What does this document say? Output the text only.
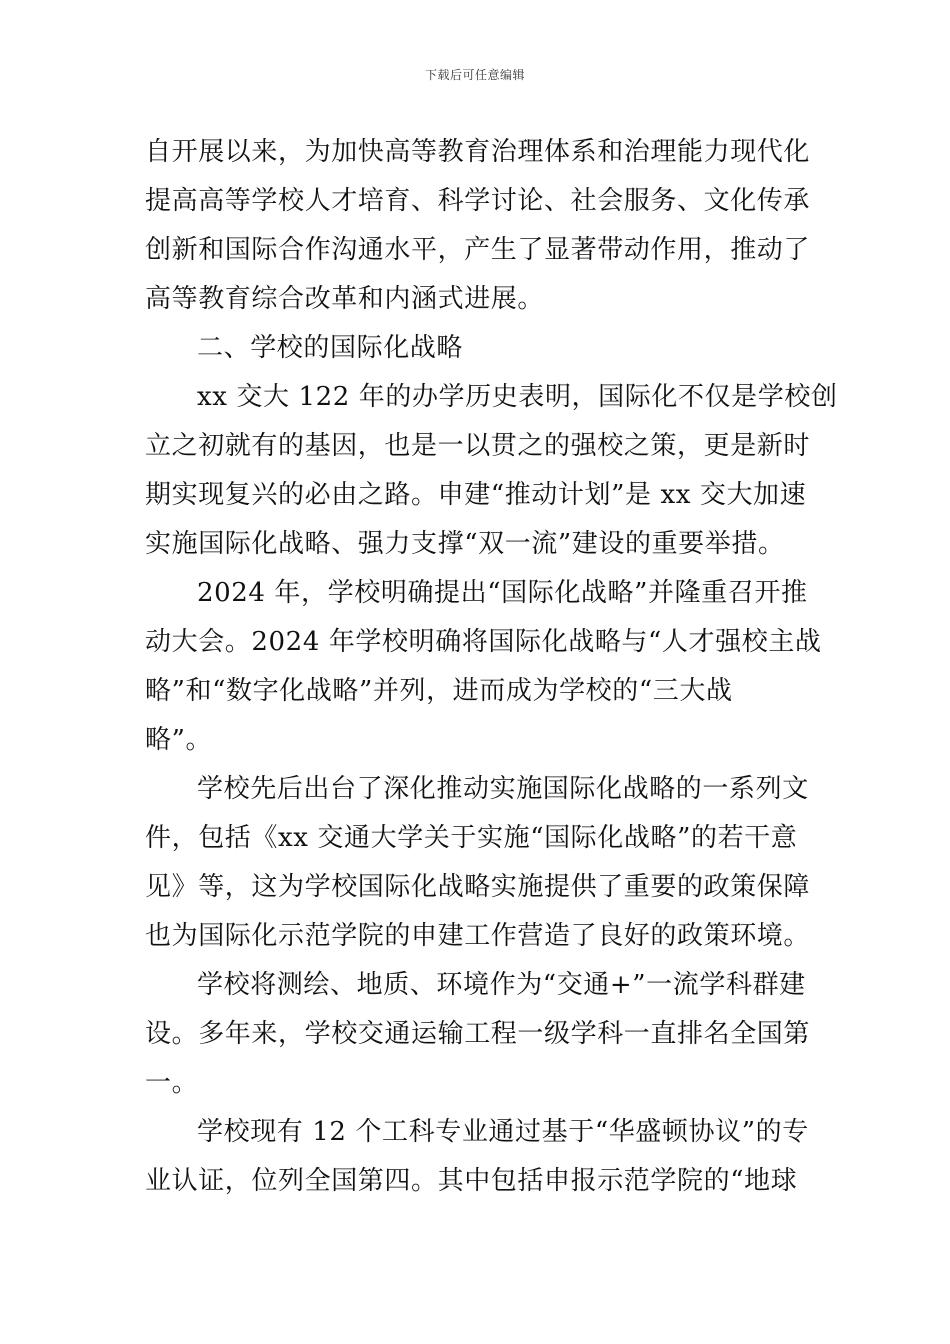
下载后可任意编辑
自开展以来，为加快高等教育治理体系和治理能力现代化
提高高等学校人才培育、科学讨论、社会服务、文化传承
创新和国际合作沟通水平，产生了显著带动作用，推动了
高等教育综合改革和内涵式进展。
二、学校的国际化战略
xx 交大 122 年的办学历史表明，国际化不仅是学校创
立之初就有的基因，也是一以贯之的强校之策，更是新时
期实现复兴的必由之路。申建“推动计划”是 xx 交大加速
实施国际化战略、强力支撑“双一流”建设的重要举措。
2024 年，学校明确提出“国际化战略”并隆重召开推
动大会。2024 年学校明确将国际化战略与“人才强校主战
略”和“数字化战略”并列，进而成为学校的“三大战
略”。
学校先后出台了深化推动实施国际化战略的一系列文
件，包括《xx 交通大学关于实施“国际化战略”的若干意
见》等，这为学校国际化战略实施提供了重要的政策保障
也为国际化示范学院的申建工作营造了良好的政策环境。
学校将测绘、地质、环境作为“交通+”一流学科群建
设。多年来，学校交通运输工程一级学科一直排名全国第
一。
学校现有 12 个工科专业通过基于“华盛顿协议”的专
业认证，位列全国第四。其中包括申报示范学院的“地球
